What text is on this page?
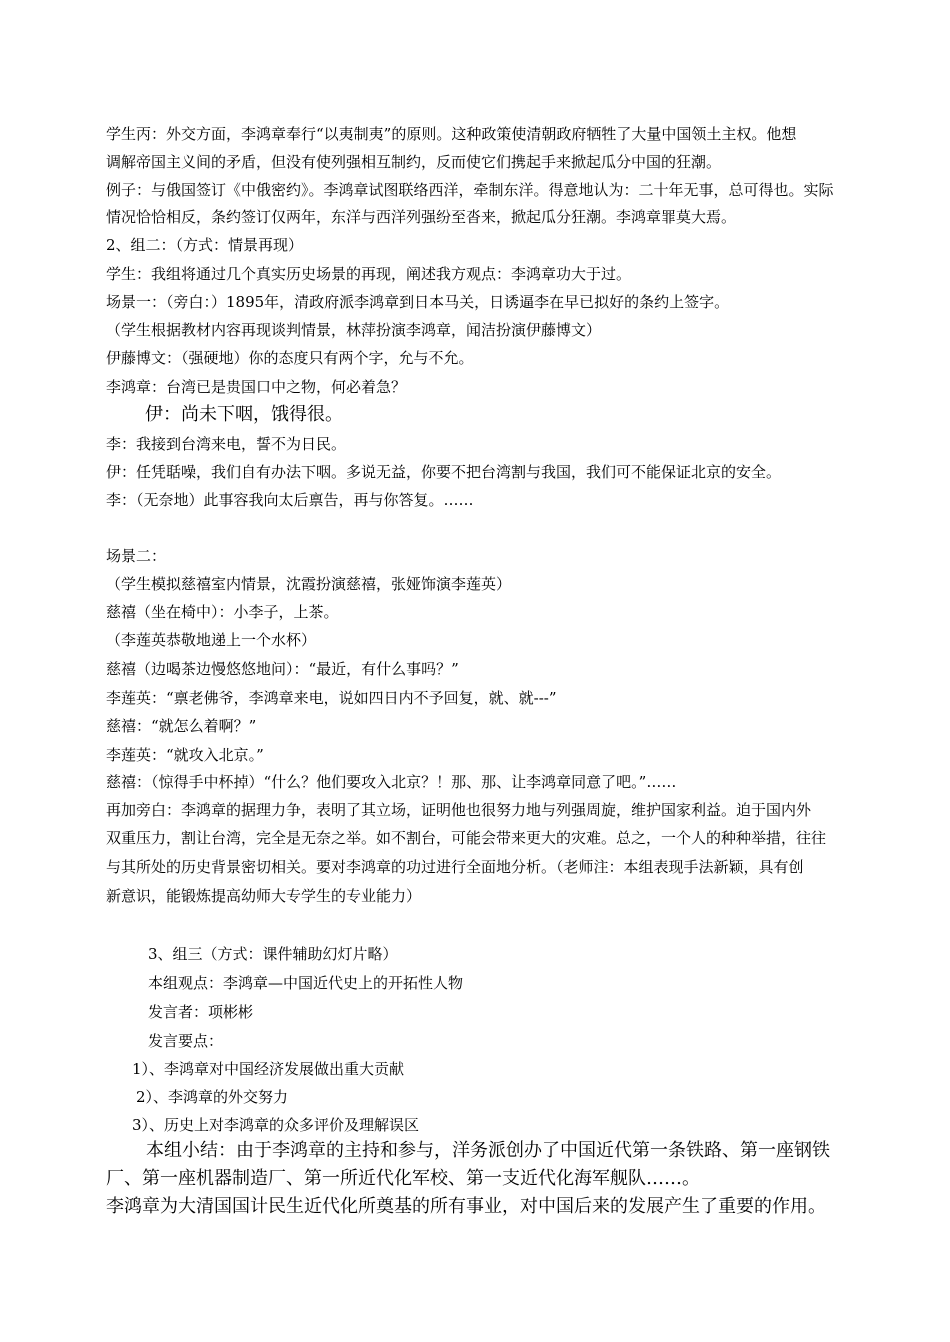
学生丙：外交方面，李鸿章奉行“以夷制夷”的原则。这种政策使清朝政府牺牲了大量中国领土主权。他想
调解帝国主义间的矛盾，但没有使列强相互制约，反而使它们携起手来掀起瓜分中国的狂潮。
例子：与俄国签订《中俄密约》。李鸿章试图联络西洋，牵制东洋。得意地认为：二十年无事，总可得也。实际
情况恰恰相反，条约签订仅两年，东洋与西洋列强纷至沓来，掀起瓜分狂潮。李鸿章罪莫大焉。
2、组二：（方式：情景再现）
学生：我组将通过几个真实历史场景的再现，阐述我方观点：李鸿章功大于过。
场景一：（旁白：）1895年，清政府派李鸿章到日本马关，日诱逼李在早已拟好的条约上签字。
（学生根据教材内容再现谈判情景，林萍扮演李鸿章，闻洁扮演伊藤博文）
伊藤博文：（强硬地）你的态度只有两个字，允与不允。
李鸿章：台湾已是贵国口中之物，何必着急？
伊：尚未下咽，饿得很。
李：我接到台湾来电，誓不为日民。
伊：任凭聒噪，我们自有办法下咽。多说无益，你要不把台湾割与我国，我们可不能保证北京的安全。
李：（无奈地）此事容我向太后禀告，再与你答复。……
场景二：
（学生模拟慈禧室内情景，沈霞扮演慈禧，张娅饰演李莲英）
慈禧（坐在椅中）：小李子，上茶。
（李莲英恭敬地递上一个水杯）
慈禧（边喝茶边慢悠悠地问）：“最近，有什么事吗？”
李莲英：“禀老佛爷，李鸿章来电，说如四日内不予回复，就、就---”
慈禧：“就怎么着啊？”
李莲英：“就攻入北京。”
慈禧：（惊得手中杯掉）“什么？他们要攻入北京？！那、那、让李鸿章同意了吧。”……
再加旁白：李鸿章的据理力争，表明了其立场，证明他也很努力地与列强周旋，维护国家利益。迫于国内外
双重压力，割让台湾，完全是无奈之举。如不割台，可能会带来更大的灾难。总之，一个人的种种举措，往往
与其所处的历史背景密切相关。要对李鸿章的功过进行全面地分析。（老师注：本组表现手法新颖，具有创
新意识，能锻炼提高幼师大专学生的专业能力）
3、组三（方式：课件辅助幻灯片略）
本组观点：李鸿章—中国近代史上的开拓性人物
发言者：项彬彬
发言要点：
1）、李鸿章对中国经济发展做出重大贡献
2）、李鸿章的外交努力
3）、历史上对李鸿章的众多评价及理解误区
本组小结：由于李鸿章的主持和参与，洋务派创办了中国近代第一条铁路、第一座钢铁
厂、第一座机器制造厂、第一所近代化军校、第一支近代化海军舰队……。
李鸿章为大清国国计民生近代化所奠基的所有事业，对中国后来的发展产生了重要的作用。
